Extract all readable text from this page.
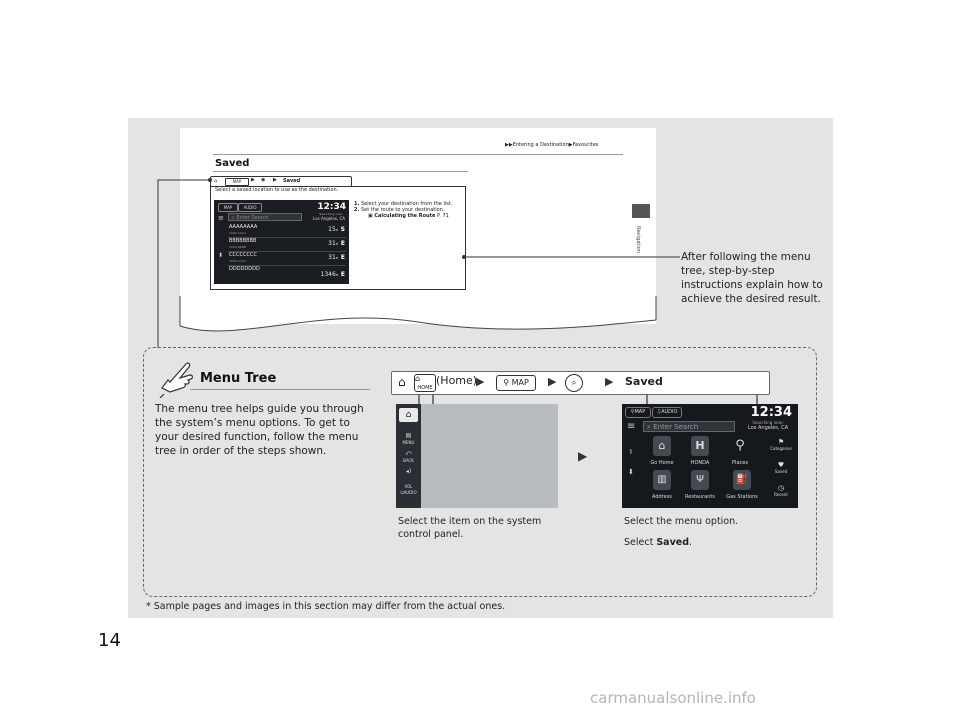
▶▶Entering a Destination▶Favourites
Navigation
Saved
⌂	MAP	▶ ◉ ▶ Saved
Select a saved location to use as the destination.
MAP	AUDIO	12:34
Searching near:
Los Angeles, CA
≡	⌕ Enter Search
⬍
AAAAAAAA
1000 AAAA	15ft S
BBBBBBBB
2000 BBBB	31ft E
CCCCCCCC
3000 CCCC	31ft E
DDDDDDDD
1346ft E
1. Select your destination from the list.
2. Set the route to your destination.
▣ Calculating the Route P. 71
After following the menu tree, step-by-step instructions explain how to achieve the desired result.
Menu Tree
The menu tree helps guide you through the system’s menu options. To get to your desired function, follow the menu tree in order of the steps shown.
⌂	HOME
⌂ (Home)
▶	⚲ MAP	▶	⌕	▶ Saved
⌂
▤
MENU
⤺
BACK
◂)
VOL
⏻AUDIO
▶
⚲MAP	♫AUDIO	12:34
Searching near:
Los Angeles, CA
≡	⌕ Enter Search
⬆
⬇
⌂
Go Home
H
HONDA
⚲
Places
▥
Address
Ψ
Restaurants
⛽
Gas Stations
⚑
Categories
♥
Saved
◷
Recent
Select the item on the system control panel.
Select the menu option.
Select Saved.
* Sample pages and images in this section may differ from the actual ones.
14
carmanualsonline.info
